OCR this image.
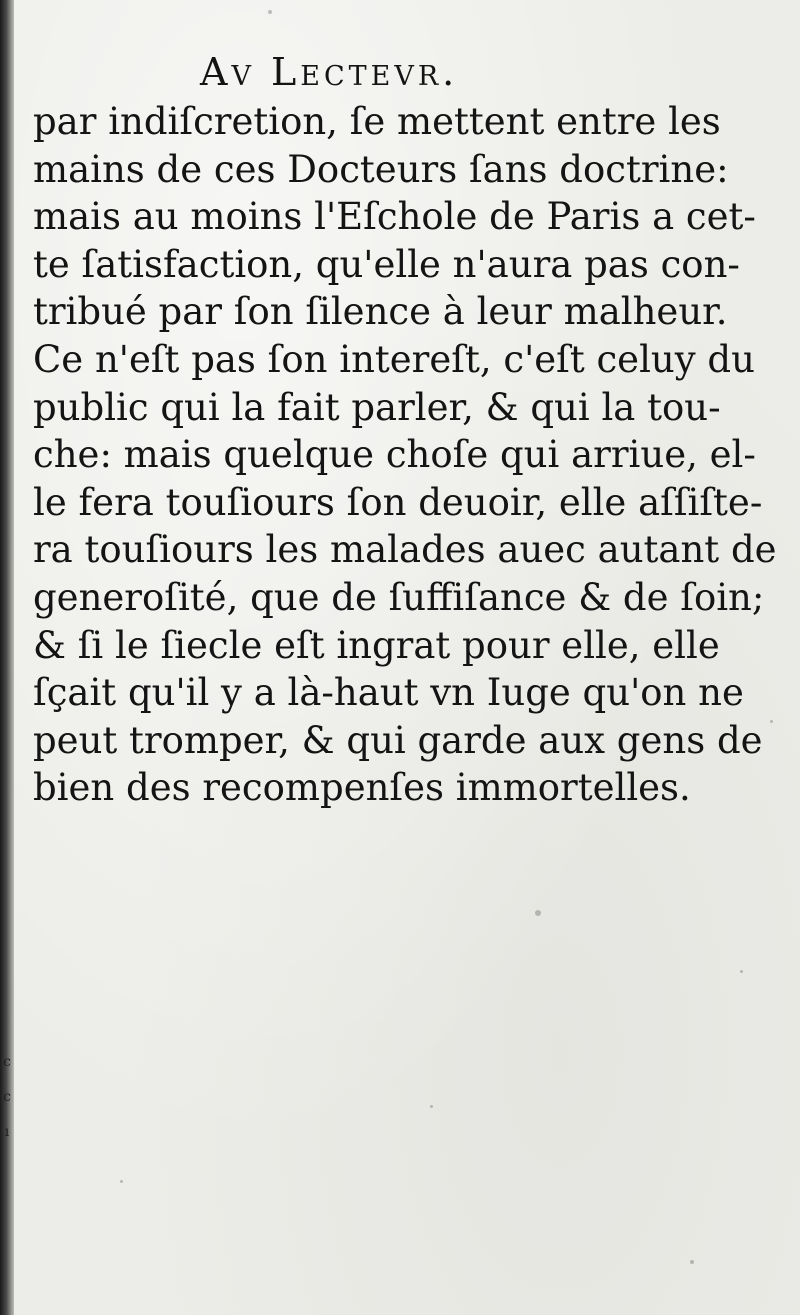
c
c
ı
Av Lectevr.
par indiſcretion, ſe mettent entre les
mains de ces Docteurs ſans doctrine:
mais au moins l'Eſchole de Paris a cet-
te ſatisfaction, qu'elle n'aura pas con-
tribué par ſon ſilence à leur malheur.
Ce n'eſt pas ſon intereſt, c'eſt celuy du
public qui la fait parler, & qui la tou-
che: mais quelque choſe qui arriue, el-
le fera touſiours ſon deuoir, elle aſſiſte-
ra touſiours les malades auec autant de
generoſité, que de ſuffiſance & de ſoin;
& ſi le ſiecle eſt ingrat pour elle, elle
ſçait qu'il y a là-haut vn Iuge qu'on ne
peut tromper, & qui garde aux gens de
bien des recompenſes immortelles.
